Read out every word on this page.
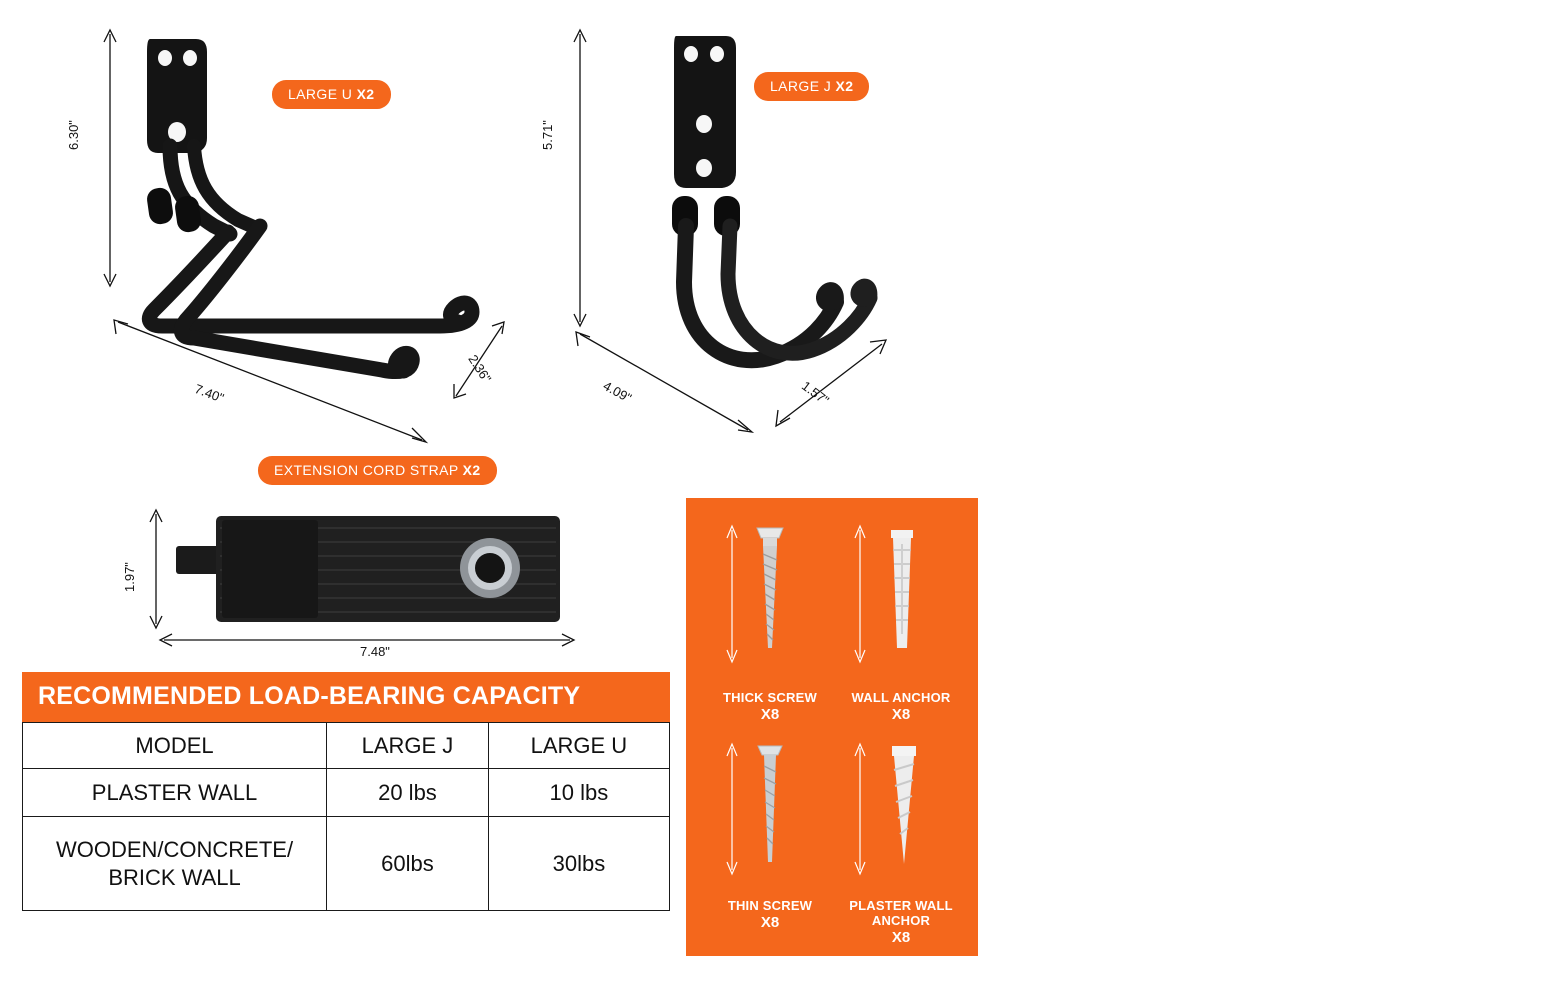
6.30"
7.40"
2.36"
LARGE U X2
5.71"
4.09"	1.57"
LARGE J X2
EXTENSION CORD STRAP X2
1.97"
7.48"
RECOMMENDED LOAD-BEARING CAPACITY
MODEL	LARGE J	LARGE U
PLASTER WALL	20 lbs	10 lbs
WOODEN/CONCRETE/
BRICK WALL	60lbs	30lbs
THICK SCREW
X8
1.57"
WALL ANCHOR
X8
1.57"
THIN SCREW
X8
1.57"
PLASTER WALL
ANCHOR
X8
1.57"
